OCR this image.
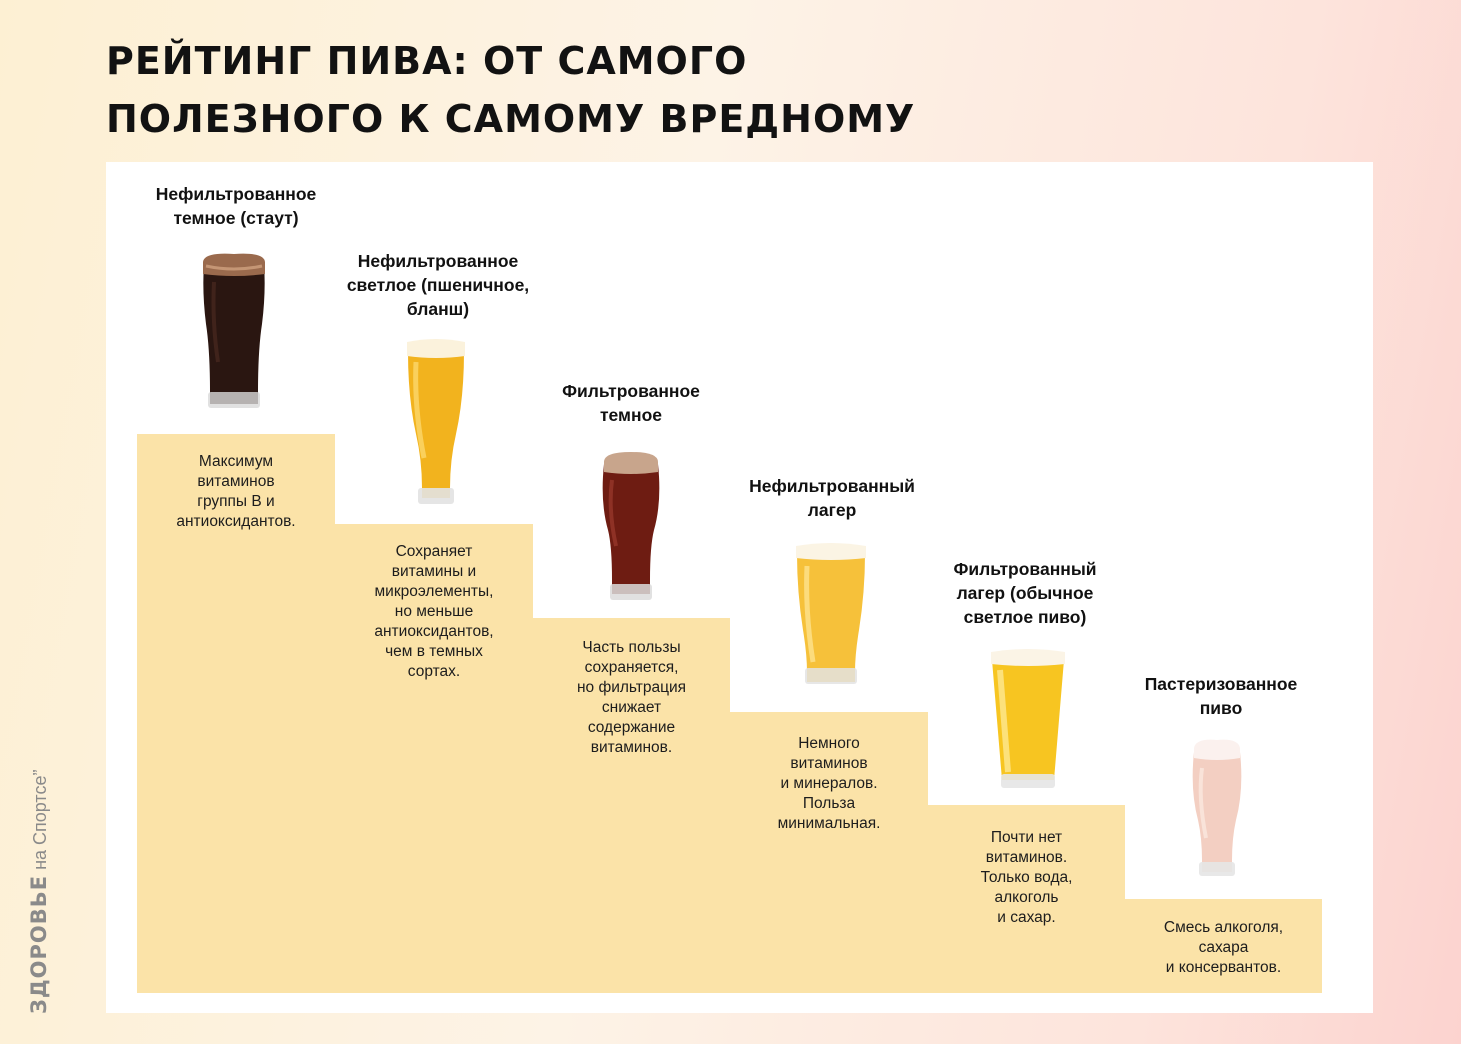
РЕЙТИНГ ПИВА: ОТ САМОГО
ПОЛЕЗНОГО К САМОМУ ВРЕДНОМУ
Максимум
витаминов
группы B и
антиоксидантов.
Сохраняет
витамины и
микроэлементы,
но меньше
антиоксидантов,
чем в темных
сортах.
Часть пользы
сохраняется,
но фильтрация
снижает
содержание
витаминов.	Немного
витаминов
и минералов.
Польза
минимальная.
Почти нет
витаминов.
Только вода,
алкоголь
и сахар.
Смесь алкоголя,
сахара
и консервантов.
Нефильтрованное
темное (стаут)
Нефильтрованное
светлое (пшеничное,
бланш)
Фильтрованное
темное
Нефильтрованный
лагер
Фильтрованный
лагер (обычное
светлое пиво)
Пастеризованное
пиво
ЗДОРОВЬЕ на Спортсе”
